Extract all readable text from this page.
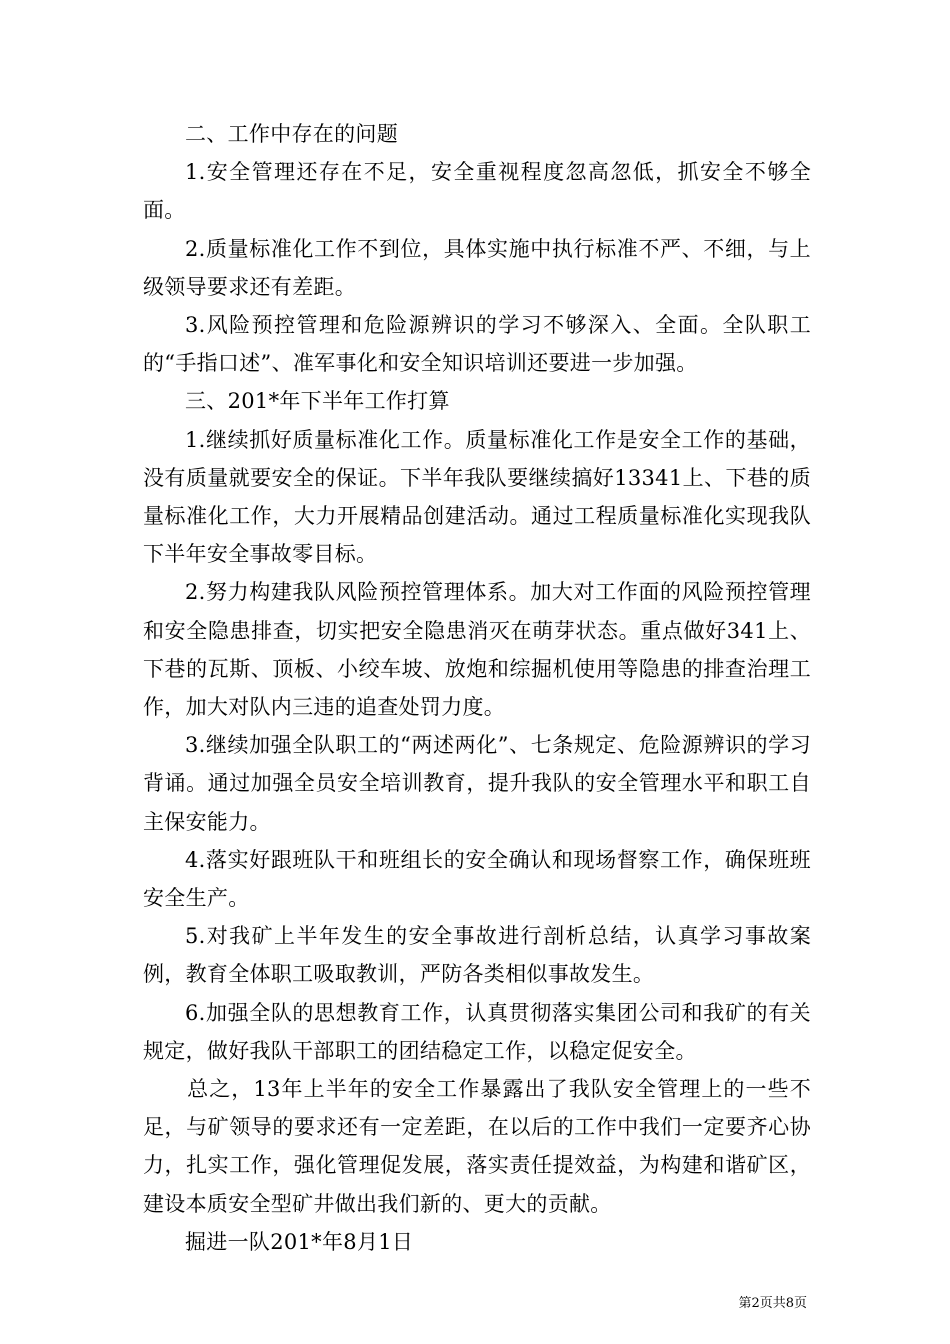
二、工作中存在的问题

1.安全管理还存在不足，安全重视程度忽高忽低，抓安全不够全面。

2.质量标准化工作不到位，具体实施中执行标准不严、不细，与上级领导要求还有差距。

3.风险预控管理和危险源辨识的学习不够深入、全面。全队职工的“手指口述”、准军事化和安全知识培训还要进一步加强。

三、201*年下半年工作打算

1.继续抓好质量标准化工作。质量标准化工作是安全工作的基础，没有质量就要安全的保证。下半年我队要继续搞好13341上、下巷的质量标准化工作，大力开展精品创建活动。通过工程质量标准化实现我队下半年安全事故零目标。

2.努力构建我队风险预控管理体系。加大对工作面的风险预控管理和安全隐患排查，切实把安全隐患消灭在萌芽状态。重点做好341上、下巷的瓦斯、顶板、小绞车坡、放炮和综掘机使用等隐患的排查治理工作，加大对队内三违的追查处罚力度。

3.继续加强全队职工的“两述两化”、七条规定、危险源辨识的学习背诵。通过加强全员安全培训教育，提升我队的安全管理水平和职工自主保安能力。

4.落实好跟班队干和班组长的安全确认和现场督察工作，确保班班安全生产。

5.对我矿上半年发生的安全事故进行剖析总结，认真学习事故案例，教育全体职工吸取教训，严防各类相似事故发生。

6.加强全队的思想教育工作，认真贯彻落实集团公司和我矿的有关规定，做好我队干部职工的团结稳定工作，以稳定促安全。

总之，13年上半年的安全工作暴露出了我队安全管理上的一些不足，与矿领导的要求还有一定差距，在以后的工作中我们一定要齐心协力，扎实工作，强化管理促发展，落实责任提效益，为构建和谐矿区，建设本质安全型矿井做出我们新的、更大的贡献。

掘进一队201*年8月1日

第2页共8页
